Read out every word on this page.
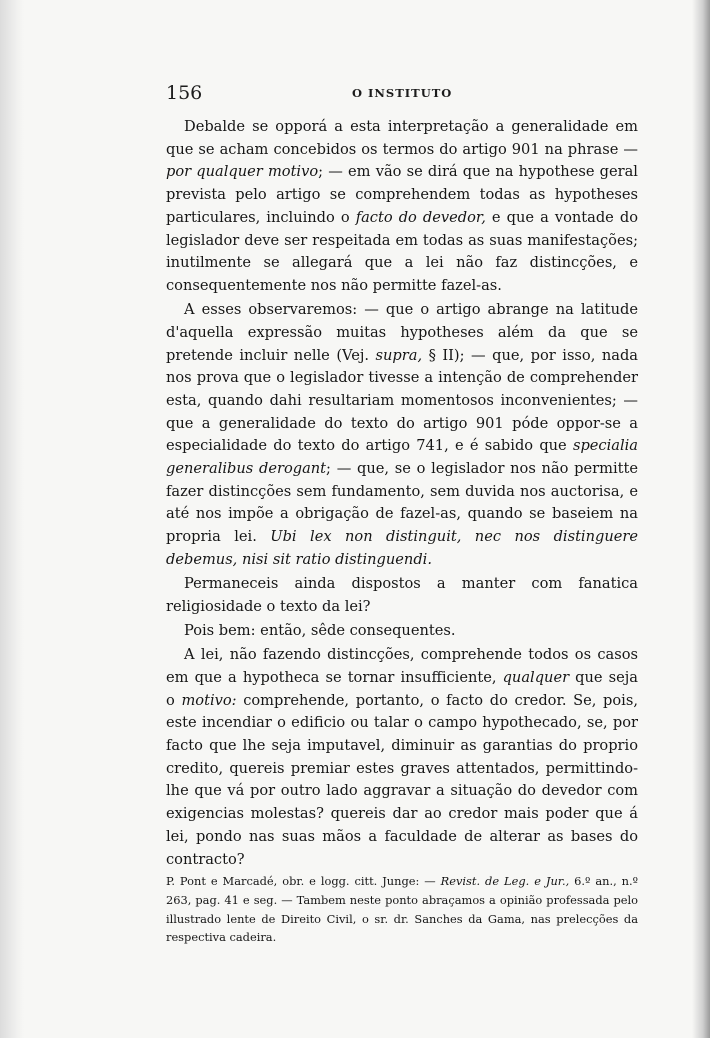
156	O INSTITUTO

Debalde se opporá a esta interpretação a generalidade em que se acham concebidos os termos do artigo 901 na phrase — por qualquer motivo; — em vão se dirá que na hypothese geral prevista pelo artigo se comprehendem todas as hypotheses particulares, incluindo o facto do devedor, e que a vontade do legislador deve ser respeitada em todas as suas manifestações; inutilmente se allegará que a lei não faz distincções, e consequentemente nos não permitte fazel-as.

A esses observaremos: — que o artigo abrange na latitude d'aquella expressão muitas hypotheses além da que se pretende incluir nelle (Vej. supra, § II); — que, por isso, nada nos prova que o legislador tivesse a intenção de comprehender esta, quando dahi resultariam momentosos inconvenientes; — que a generalidade do texto do artigo 901 póde oppor-se a especialidade do texto do artigo 741, e é sabido que specialia generalibus derogant; — que, se o legislador nos não permitte fazer distincções sem fundamento, sem duvida nos auctorisa, e até nos impõe a obrigação de fazel-as, quando se baseiem na propria lei. Ubi lex non distinguit, nec nos distinguere debemus, nisi sit ratio distinguendi.

Permaneceis ainda dispostos a manter com fanatica religiosidade o texto da lei?

Pois bem: então, sêde consequentes.

A lei, não fazendo distincções, comprehende todos os casos em que a hypotheca se tornar insufficiente, qualquer que seja o motivo: comprehende, portanto, o facto do credor. Se, pois, este incendiar o edificio ou talar o campo hypothecado, se, por facto que lhe seja imputavel, diminuir as garantias do proprio credito, quereis premiar estes graves attentados, permittindo-lhe que vá por outro lado aggravar a situação do devedor com exigencias molestas? quereis dar ao credor mais poder que á lei, pondo nas suas mãos a faculdade de alterar as bases do contracto?

P. Pont e Marcadé, obr. e logg. citt. Junge: — Revist. de Leg. e Jur., 6.º an., n.º 263, pag. 41 e seg. — Tambem neste ponto abraçamos a opinião professada pelo illustrado lente de Direito Civil, o sr. dr. Sanches da Gama, nas prelecções da respectiva cadeira.
